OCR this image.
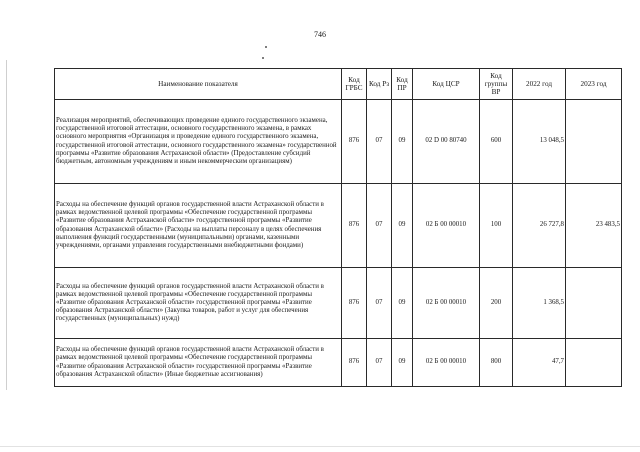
746
Наименование показателя	Код ГРБС	Код Рз	Код ПР	Код ЦСР	Код группы ВР	2022 год	2023 год
Реализация мероприятий, обеспечивающих проведение единого государственного экзамена, государственной итоговой аттестации, основного государственного экзамена, в рамках основного мероприятия «Организация и проведение единого государственного экзамена, государственной итоговой аттестации, основного государственного экзамена» государственной программы «Развитие образования Астраханской области» (Предоставление субсидий бюджетным, автономным учреждениям и иным некоммерческим организациям)	876	07	09	02 D 00 80740	600	13 048,5	
Расходы на обеспечение функций органов государственной власти Астраханской области в рамках ведомственной целевой программы «Обеспечение государственной программы «Развитие образования Астраханской области» государственной программы «Развитие образования Астраханской области» (Расходы на выплаты персоналу в целях обеспечения выполнения функций государственными (муниципальными) органами, казенными учреждениями, органами управления государственными внебюджетными фондами)	876	07	09	02 Б 00 00010	100	26 727,8	23 483,5
Расходы на обеспечение функций органов государственной власти Астраханской области в рамках ведомственной целевой программы «Обеспечение государственной программы «Развитие образования Астраханской области» государственной программы «Развитие образования Астраханской области» (Закупка товаров, работ и услуг для обеспечения государственных (муниципальных) нужд)	876	07	09	02 Б 00 00010	200	1 368,5	
Расходы на обеспечение функций органов государственной власти Астраханской области в рамках ведомственной целевой программы «Обеспечение государственной программы «Развитие образования Астраханской области» государственной программы «Развитие образования Астраханской области» (Иные бюджетные ассигнования)	876	07	09	02 Б 00 00010	800	47,7	
